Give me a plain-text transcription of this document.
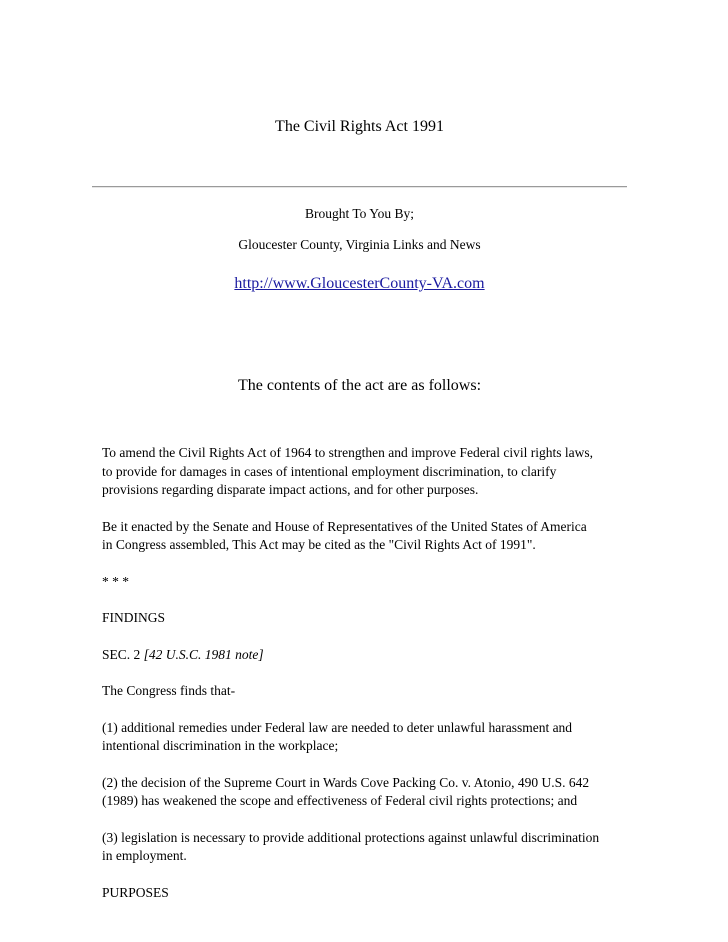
The Civil Rights Act 1991
Brought To You By;
Gloucester County, Virginia Links and News
http://www.GloucesterCounty-VA.com
The contents of the act are as follows:

To amend the Civil Rights Act of 1964 to strengthen and improve Federal civil rights laws,
to provide for damages in cases of intentional employment discrimination, to clarify
provisions regarding disparate impact actions, and for other purposes.

Be it enacted by the Senate and House of Representatives of the United States of America
in Congress assembled, This Act may be cited as the "Civil Rights Act of 1991".

* * *

FINDINGS

SEC. 2 [42 U.S.C. 1981 note]

The Congress finds that-

(1) additional remedies under Federal law are needed to deter unlawful harassment and
intentional discrimination in the workplace;

(2) the decision of the Supreme Court in Wards Cove Packing Co. v. Atonio, 490 U.S. 642
(1989) has weakened the scope and effectiveness of Federal civil rights protections; and

(3) legislation is necessary to provide additional protections against unlawful discrimination
in employment.

PURPOSES
